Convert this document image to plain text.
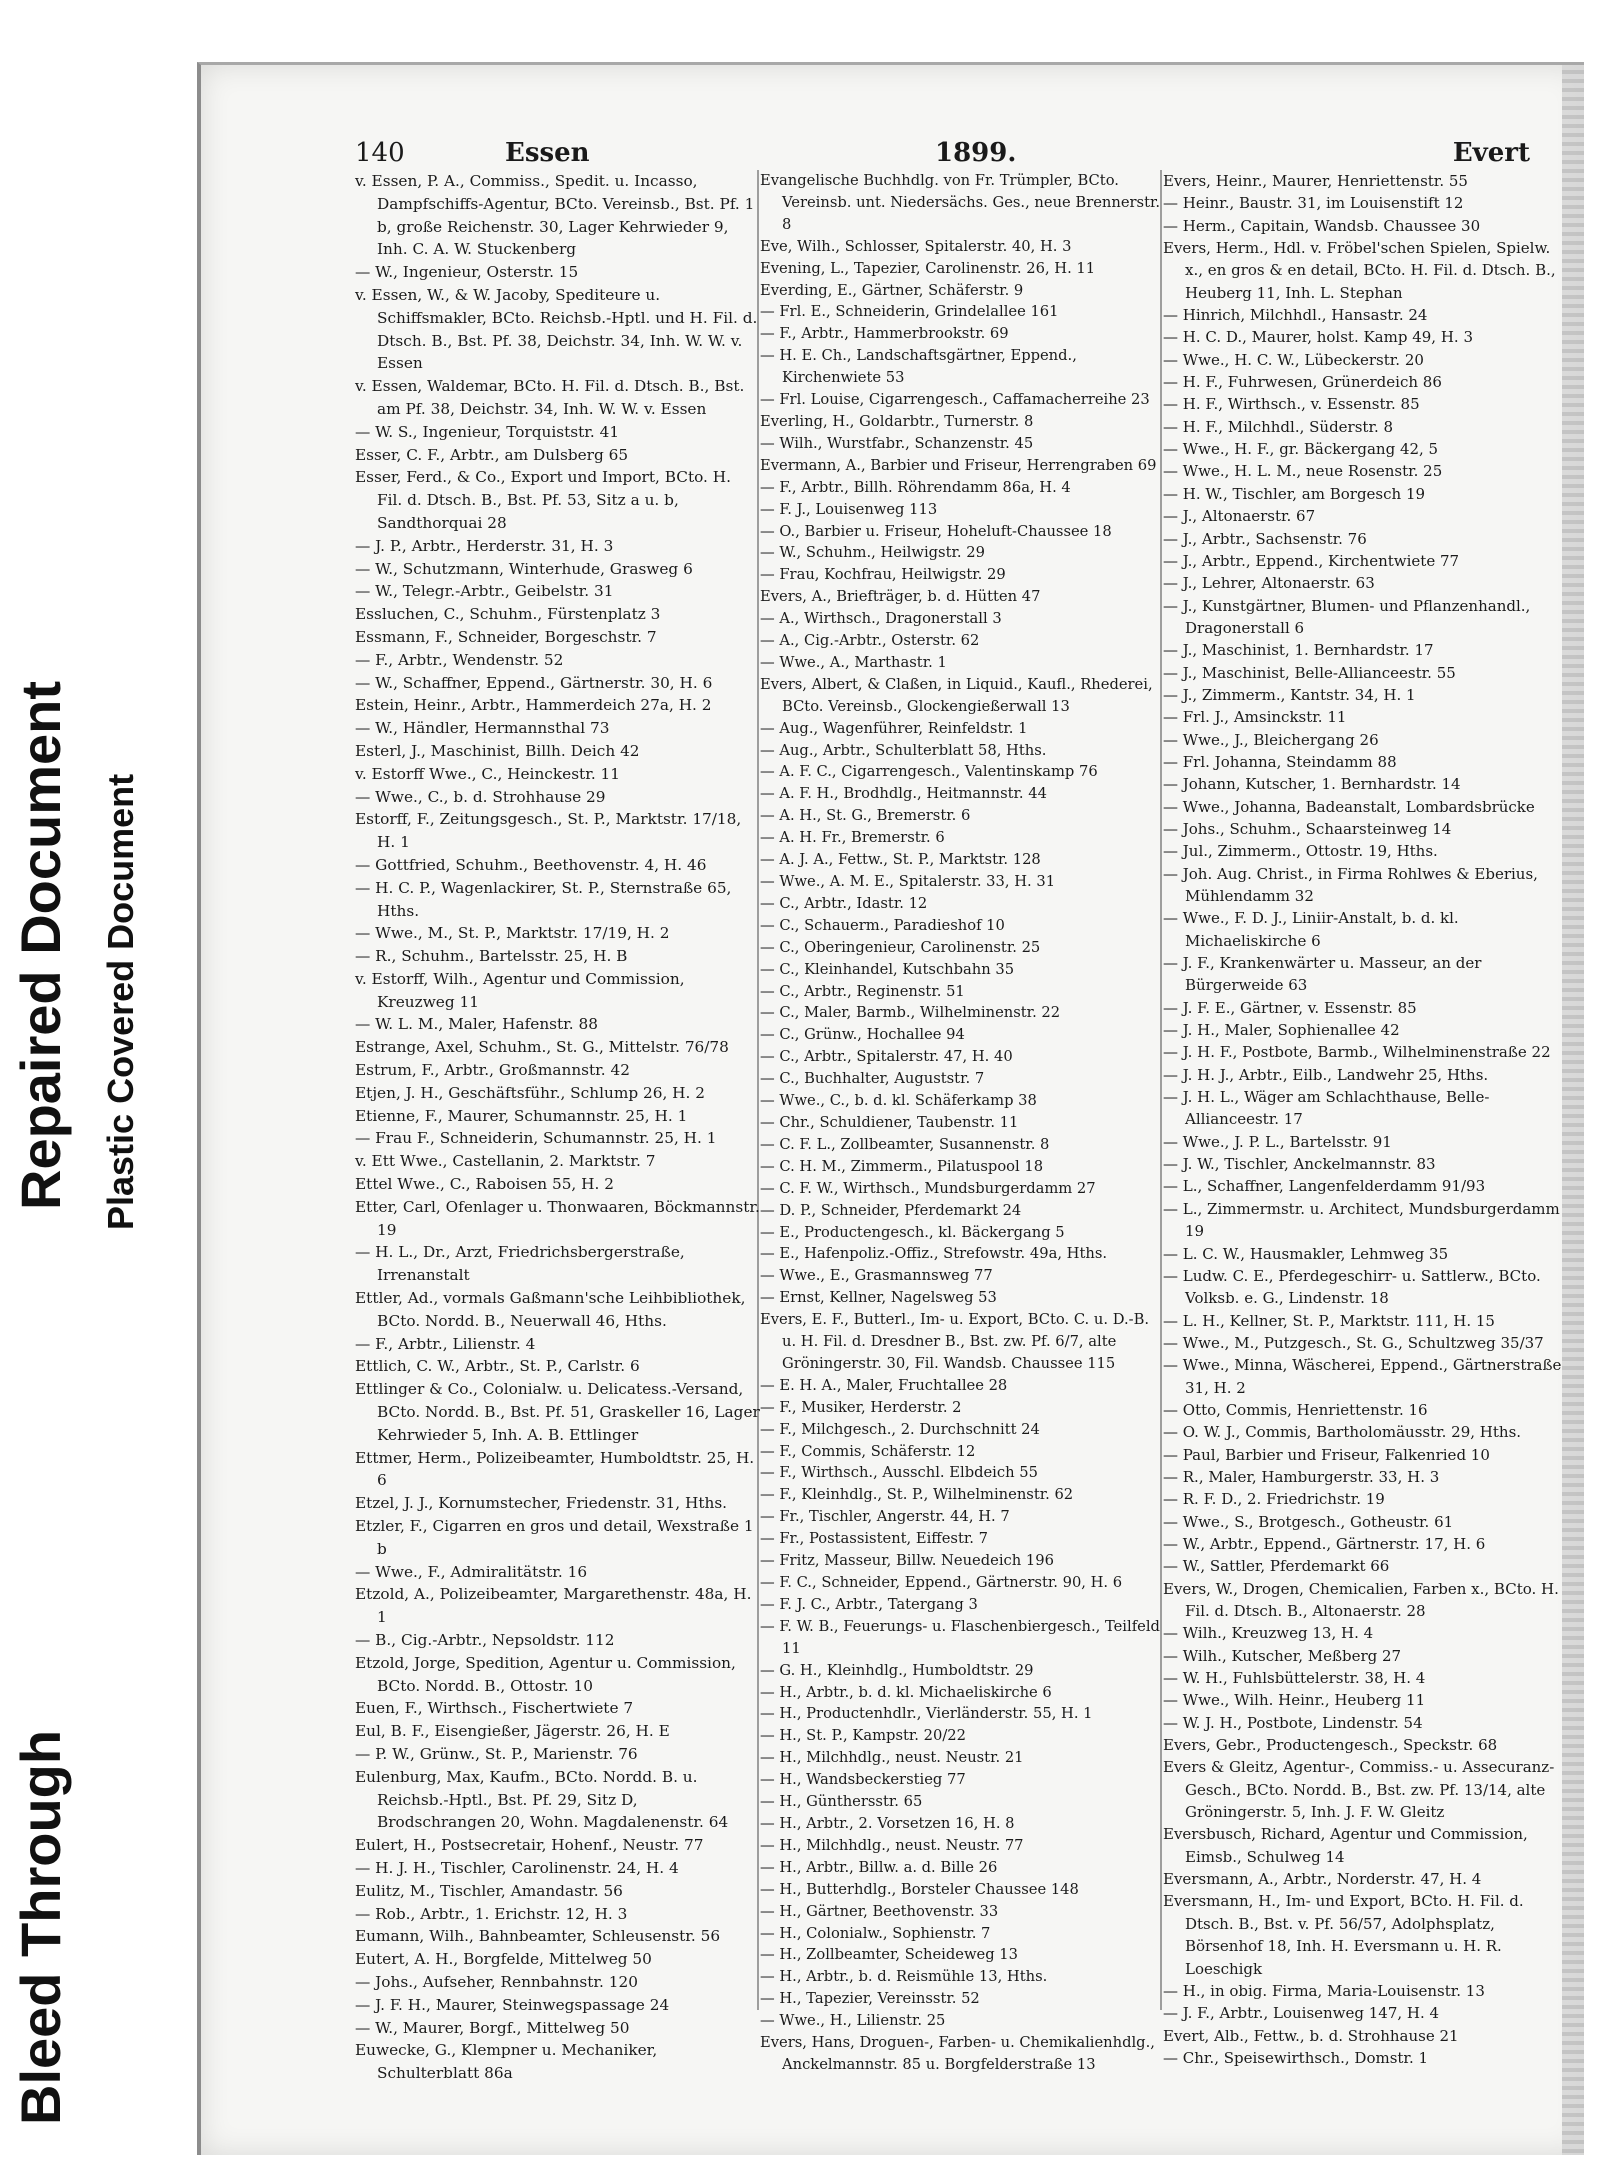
Bleed Through
Repaired Document Plastic Covered Document
140	Essen	1899.	Evert
v. Essen, P. A., Commiss., Spedit. u. Incasso, Dampfschiffs-Agentur, BCto. Vereinsb., Bst. Pf. 1 b, große Reichenstr. 30, Lager Kehrwieder 9, Inh. C. A. W. Stuckenberg
— W., Ingenieur, Osterstr. 15
v. Essen, W., & W. Jacoby, Spediteure u. Schiffsmakler, BCto. Reichsb.-Hptl. und H. Fil. d. Dtsch. B., Bst. Pf. 38, Deichstr. 34, Inh. W. W. v. Essen
v. Essen, Waldemar, BCto. H. Fil. d. Dtsch. B., Bst. am Pf. 38, Deichstr. 34, Inh. W. W. v. Essen
— W. S., Ingenieur, Torquiststr. 41
Esser, C. F., Arbtr., am Dulsberg 65
Esser, Ferd., & Co., Export und Import, BCto. H. Fil. d. Dtsch. B., Bst. Pf. 53, Sitz a u. b, Sandthorquai 28
— J. P., Arbtr., Herderstr. 31, H. 3
— W., Schutzmann, Winterhude, Grasweg 6
— W., Telegr.-Arbtr., Geibelstr. 31
Essluchen, C., Schuhm., Fürstenplatz 3
Essmann, F., Schneider, Borgeschstr. 7
— F., Arbtr., Wendenstr. 52
— W., Schaffner, Eppend., Gärtnerstr. 30, H. 6
Estein, Heinr., Arbtr., Hammerdeich 27a, H. 2
— W., Händler, Hermannsthal 73
Esterl, J., Maschinist, Billh. Deich 42
v. Estorff Wwe., C., Heinckestr. 11
— Wwe., C., b. d. Strohhause 29
Estorff, F., Zeitungsgesch., St. P., Marktstr. 17/18, H. 1
— Gottfried, Schuhm., Beethovenstr. 4, H. 46
— H. C. P., Wagenlackirer, St. P., Sternstraße 65, Hths.
— Wwe., M., St. P., Marktstr. 17/19, H. 2
— R., Schuhm., Bartelsstr. 25, H. B
v. Estorff, Wilh., Agentur und Commission, Kreuzweg 11
— W. L. M., Maler, Hafenstr. 88
Estrange, Axel, Schuhm., St. G., Mittelstr. 76/78
Estrum, F., Arbtr., Großmannstr. 42
Etjen, J. H., Geschäftsführ., Schlump 26, H. 2
Etienne, F., Maurer, Schumannstr. 25, H. 1
— Frau F., Schneiderin, Schumannstr. 25, H. 1
v. Ett Wwe., Castellanin, 2. Marktstr. 7
Ettel Wwe., C., Raboisen 55, H. 2
Etter, Carl, Ofenlager u. Thonwaaren, Böckmannstr. 19
— H. L., Dr., Arzt, Friedrichsbergerstraße, Irrenanstalt
Ettler, Ad., vormals Gaßmann'sche Leihbibliothek, BCto. Nordd. B., Neuerwall 46, Hths.
— F., Arbtr., Lilienstr. 4
Ettlich, C. W., Arbtr., St. P., Carlstr. 6
Ettlinger & Co., Colonialw. u. Delicatess.-Versand, BCto. Nordd. B., Bst. Pf. 51, Graskeller 16, Lager Kehrwieder 5, Inh. A. B. Ettlinger
Ettmer, Herm., Polizeibeamter, Humboldtstr. 25, H. 6
Etzel, J. J., Kornumstecher, Friedenstr. 31, Hths.
Etzler, F., Cigarren en gros und detail, Wexstraße 1 b
— Wwe., F., Admiralitätstr. 16
Etzold, A., Polizeibeamter, Margarethenstr. 48a, H. 1
— B., Cig.-Arbtr., Nepsoldstr. 112
Etzold, Jorge, Spedition, Agentur u. Commission, BCto. Nordd. B., Ottostr. 10
Euen, F., Wirthsch., Fischertwiete 7
Eul, B. F., Eisengießer, Jägerstr. 26, H. E
— P. W., Grünw., St. P., Marienstr. 76
Eulenburg, Max, Kaufm., BCto. Nordd. B. u. Reichsb.-Hptl., Bst. Pf. 29, Sitz D, Brodschrangen 20, Wohn. Magdalenenstr. 64
Eulert, H., Postsecretair, Hohenf., Neustr. 77
— H. J. H., Tischler, Carolinenstr. 24, H. 4
Eulitz, M., Tischler, Amandastr. 56
— Rob., Arbtr., 1. Erichstr. 12, H. 3
Eumann, Wilh., Bahnbeamter, Schleusenstr. 56
Eutert, A. H., Borgfelde, Mittelweg 50
— Johs., Aufseher, Rennbahnstr. 120
— J. F. H., Maurer, Steinwegspassage 24
— W., Maurer, Borgf., Mittelweg 50
Euwecke, G., Klempner u. Mechaniker, Schulterblatt 86a
Evangelische Buchhdlg. von Fr. Trümpler, BCto. Vereinsb. unt. Niedersächs. Ges., neue Brennerstr. 8
Eve, Wilh., Schlosser, Spitalerstr. 40, H. 3
Evening, L., Tapezier, Carolinenstr. 26, H. 11
Everding, E., Gärtner, Schäferstr. 9
— Frl. E., Schneiderin, Grindelallee 161
— F., Arbtr., Hammerbrookstr. 69
— H. E. Ch., Landschaftsgärtner, Eppend., Kirchenwiete 53
— Frl. Louise, Cigarrengesch., Caffamacherreihe 23
Everling, H., Goldarbtr., Turnerstr. 8
— Wilh., Wurstfabr., Schanzenstr. 45
Evermann, A., Barbier und Friseur, Herrengraben 69
— F., Arbtr., Billh. Röhrendamm 86a, H. 4
— F. J., Louisenweg 113
— O., Barbier u. Friseur, Hoheluft-Chaussee 18
— W., Schuhm., Heilwigstr. 29
— Frau, Kochfrau, Heilwigstr. 29
Evers, A., Briefträger, b. d. Hütten 47
— A., Wirthsch., Dragonerstall 3
— A., Cig.-Arbtr., Osterstr. 62
— Wwe., A., Marthastr. 1
Evers, Albert, & Claßen, in Liquid., Kaufl., Rhederei, BCto. Vereinsb., Glockengießerwall 13
— Aug., Wagenführer, Reinfeldstr. 1
— Aug., Arbtr., Schulterblatt 58, Hths.
— A. F. C., Cigarrengesch., Valentinskamp 76
— A. F. H., Brodhdlg., Heitmannstr. 44
— A. H., St. G., Bremerstr. 6
— A. H. Fr., Bremerstr. 6
— A. J. A., Fettw., St. P., Marktstr. 128
— Wwe., A. M. E., Spitalerstr. 33, H. 31
— C., Arbtr., Idastr. 12
— C., Schauerm., Paradieshof 10
— C., Oberingenieur, Carolinenstr. 25
— C., Kleinhandel, Kutschbahn 35
— C., Arbtr., Reginenstr. 51
— C., Maler, Barmb., Wilhelminenstr. 22
— C., Grünw., Hochallee 94
— C., Arbtr., Spitalerstr. 47, H. 40
— C., Buchhalter, Auguststr. 7
— Wwe., C., b. d. kl. Schäferkamp 38
— Chr., Schuldiener, Taubenstr. 11
— C. F. L., Zollbeamter, Susannenstr. 8
— C. H. M., Zimmerm., Pilatuspool 18
— C. F. W., Wirthsch., Mundsburgerdamm 27
— D. P., Schneider, Pferdemarkt 24
— E., Productengesch., kl. Bäckergang 5
— E., Hafenpoliz.-Offiz., Strefowstr. 49a, Hths.
— Wwe., E., Grasmannsweg 77
— Ernst, Kellner, Nagelsweg 53
Evers, E. F., Butterl., Im- u. Export, BCto. C. u. D.-B. u. H. Fil. d. Dresdner B., Bst. zw. Pf. 6/7, alte Gröningerstr. 30, Fil. Wandsb. Chaussee 115
— E. H. A., Maler, Fruchtallee 28
— F., Musiker, Herderstr. 2
— F., Milchgesch., 2. Durchschnitt 24
— F., Commis, Schäferstr. 12
— F., Wirthsch., Ausschl. Elbdeich 55
— F., Kleinhdlg., St. P., Wilhelminenstr. 62
— Fr., Tischler, Angerstr. 44, H. 7
— Fr., Postassistent, Eiffestr. 7
— Fritz, Masseur, Billw. Neuedeich 196
— F. C., Schneider, Eppend., Gärtnerstr. 90, H. 6
— F. J. C., Arbtr., Tatergang 3
— F. W. B., Feuerungs- u. Flaschenbiergesch., Teilfeld 11
— G. H., Kleinhdlg., Humboldtstr. 29
— H., Arbtr., b. d. kl. Michaeliskirche 6
— H., Productenhdlr., Vierländerstr. 55, H. 1
— H., St. P., Kampstr. 20/22
— H., Milchhdlg., neust. Neustr. 21
— H., Wandsbeckerstieg 77
— H., Günthersstr. 65
— H., Arbtr., 2. Vorsetzen 16, H. 8
— H., Milchhdlg., neust. Neustr. 77
— H., Arbtr., Billw. a. d. Bille 26
— H., Butterhdlg., Borsteler Chaussee 148
— H., Gärtner, Beethovenstr. 33
— H., Colonialw., Sophienstr. 7
— H., Zollbeamter, Scheideweg 13
— H., Arbtr., b. d. Reismühle 13, Hths.
— H., Tapezier, Vereinsstr. 52
— Wwe., H., Lilienstr. 25
Evers, Hans, Droguen-, Farben- u. Chemikalienhdlg., Anckelmannstr. 85 u. Borgfelderstraße 13
Evers, Heinr., Maurer, Henriettenstr. 55
— Heinr., Baustr. 31, im Louisenstift 12
— Herm., Capitain, Wandsb. Chaussee 30
Evers, Herm., Hdl. v. Fröbel'schen Spielen, Spielw. x., en gros & en detail, BCto. H. Fil. d. Dtsch. B., Heuberg 11, Inh. L. Stephan
— Hinrich, Milchhdl., Hansastr. 24
— H. C. D., Maurer, holst. Kamp 49, H. 3
— Wwe., H. C. W., Lübeckerstr. 20
— H. F., Fuhrwesen, Grünerdeich 86
— H. F., Wirthsch., v. Essenstr. 85
— H. F., Milchhdl., Süderstr. 8
— Wwe., H. F., gr. Bäckergang 42, 5
— Wwe., H. L. M., neue Rosenstr. 25
— H. W., Tischler, am Borgesch 19
— J., Altonaerstr. 67
— J., Arbtr., Sachsenstr. 76
— J., Arbtr., Eppend., Kirchentwiete 77
— J., Lehrer, Altonaerstr. 63
— J., Kunstgärtner, Blumen- und Pflanzenhandl., Dragonerstall 6
— J., Maschinist, 1. Bernhardstr. 17
— J., Maschinist, Belle-Allianceestr. 55
— J., Zimmerm., Kantstr. 34, H. 1
— Frl. J., Amsinckstr. 11
— Wwe., J., Bleichergang 26
— Frl. Johanna, Steindamm 88
— Johann, Kutscher, 1. Bernhardstr. 14
— Wwe., Johanna, Badeanstalt, Lombardsbrücke
— Johs., Schuhm., Schaarsteinweg 14
— Jul., Zimmerm., Ottostr. 19, Hths.
— Joh. Aug. Christ., in Firma Rohlwes & Eberius, Mühlendamm 32
— Wwe., F. D. J., Liniir-Anstalt, b. d. kl. Michaeliskirche 6
— J. F., Krankenwärter u. Masseur, an der Bürgerweide 63
— J. F. E., Gärtner, v. Essenstr. 85
— J. H., Maler, Sophienallee 42
— J. H. F., Postbote, Barmb., Wilhelminenstraße 22
— J. H. J., Arbtr., Eilb., Landwehr 25, Hths.
— J. H. L., Wäger am Schlachthause, Belle-Allianceestr. 17
— Wwe., J. P. L., Bartelsstr. 91
— J. W., Tischler, Anckelmannstr. 83
— L., Schaffner, Langenfelderdamm 91/93
— L., Zimmermstr. u. Architect, Mundsburgerdamm 19
— L. C. W., Hausmakler, Lehmweg 35
— Ludw. C. E., Pferdegeschirr- u. Sattlerw., BCto. Volksb. e. G., Lindenstr. 18
— L. H., Kellner, St. P., Marktstr. 111, H. 15
— Wwe., M., Putzgesch., St. G., Schultzweg 35/37
— Wwe., Minna, Wäscherei, Eppend., Gärtnerstraße 31, H. 2
— Otto, Commis, Henriettenstr. 16
— O. W. J., Commis, Bartholomäusstr. 29, Hths.
— Paul, Barbier und Friseur, Falkenried 10
— R., Maler, Hamburgerstr. 33, H. 3
— R. F. D., 2. Friedrichstr. 19
— Wwe., S., Brotgesch., Gotheustr. 61
— W., Arbtr., Eppend., Gärtnerstr. 17, H. 6
— W., Sattler, Pferdemarkt 66
Evers, W., Drogen, Chemicalien, Farben x., BCto. H. Fil. d. Dtsch. B., Altonaerstr. 28
— Wilh., Kreuzweg 13, H. 4
— Wilh., Kutscher, Meßberg 27
— W. H., Fuhlsbüttelerstr. 38, H. 4
— Wwe., Wilh. Heinr., Heuberg 11
— W. J. H., Postbote, Lindenstr. 54
Evers, Gebr., Productengesch., Speckstr. 68
Evers & Gleitz, Agentur-, Commiss.- u. Assecuranz-Gesch., BCto. Nordd. B., Bst. zw. Pf. 13/14, alte Gröningerstr. 5, Inh. J. F. W. Gleitz
Eversbusch, Richard, Agentur und Commission, Eimsb., Schulweg 14
Eversmann, A., Arbtr., Norderstr. 47, H. 4
Eversmann, H., Im- und Export, BCto. H. Fil. d. Dtsch. B., Bst. v. Pf. 56/57, Adolphsplatz, Börsenhof 18, Inh. H. Eversmann u. H. R. Loeschigk
— H., in obig. Firma, Maria-Louisenstr. 13
— J. F., Arbtr., Louisenweg 147, H. 4
Evert, Alb., Fettw., b. d. Strohhause 21
— Chr., Speisewirthsch., Domstr. 1
